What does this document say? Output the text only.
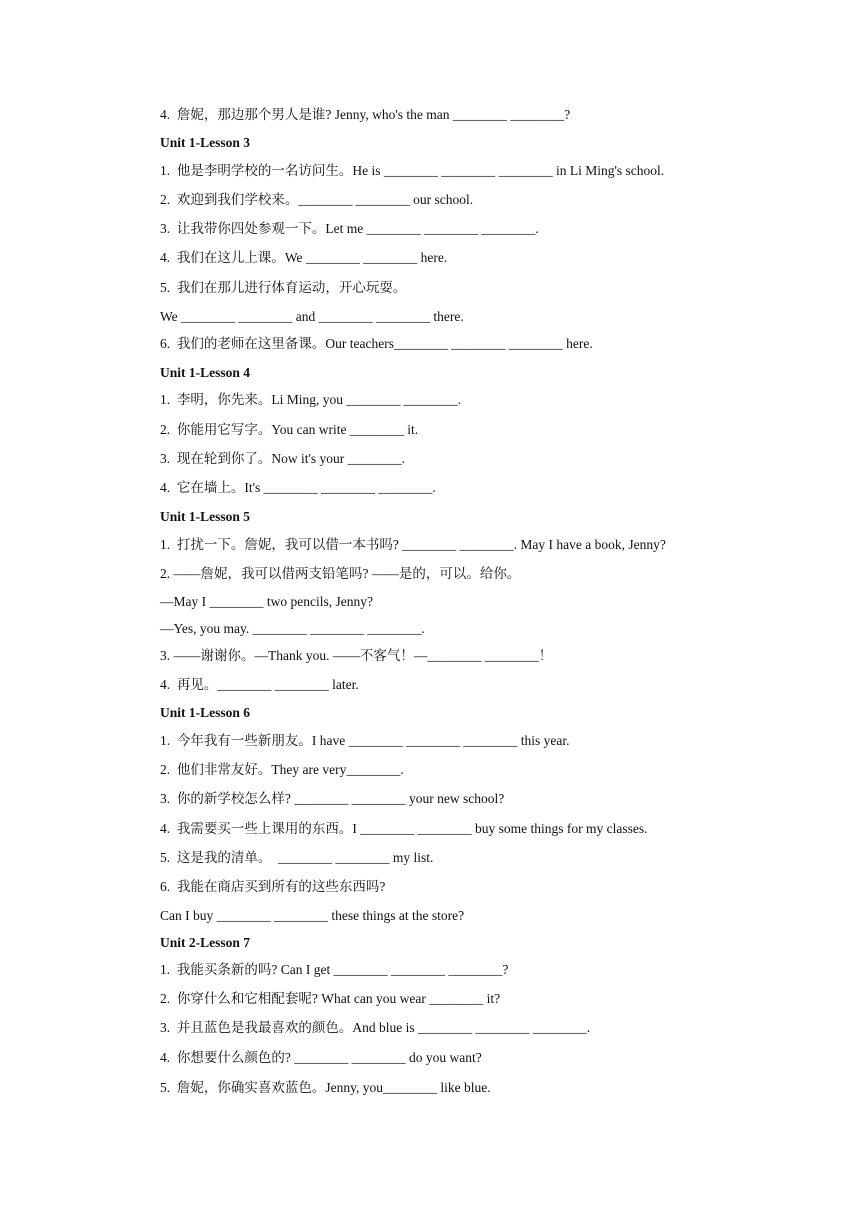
4.  詹妮，那边那个男人是谁? Jenny, who's the man ________ ________?

Unit 1-Lesson 3

1.  他是李明学校的一名访问生。He is ________ ________ ________ in Li Ming's school.

2.  欢迎到我们学校来。________ ________ our school.

3.  让我带你四处参观一下。Let me ________ ________ ________.

4.  我们在这儿上课。We ________ ________ here.

5.  我们在那儿进行体育运动，开心玩耍。

We ________ ________ and ________ ________ there.

6.  我们的老师在这里备课。Our teachers________ ________ ________ here.

Unit 1-Lesson 4

1.  李明，你先来。Li Ming, you ________ ________.

2.  你能用它写字。You can write ________ it.

3.  现在轮到你了。Now it's your ________.

4.  它在墙上。It's ________ ________ ________.

Unit 1-Lesson 5

1.  打扰一下。詹妮，我可以借一本书吗? ________ ________. May I have a book, Jenny?

2. ——詹妮，我可以借两支铅笔吗? ——是的，可以。给你。

—May I ________ two pencils, Jenny?

—Yes, you may. ________ ________ ________.

3. ——谢谢你。—Thank you. ——不客气！—________ ________！

4.  再见。________ ________ later.

Unit 1-Lesson 6

1.  今年我有一些新朋友。I have ________ ________ ________ this year.

2.  他们非常友好。They are very________.

3.  你的新学校怎么样? ________ ________ your new school?

4.  我需要买一些上课用的东西。I ________ ________ buy some things for my classes.

5.  这是我的清单。  ________ ________ my list.

6.  我能在商店买到所有的这些东西吗?

Can I buy ________ ________ these things at the store?

Unit 2-Lesson 7

1.  我能买条新的吗? Can I get ________ ________ ________?

2.  你穿什么和它相配套呢? What can you wear ________ it?

3.  并且蓝色是我最喜欢的颜色。And blue is ________ ________ ________.

4.  你想要什么颜色的? ________ ________ do you want?

5.  詹妮，你确实喜欢蓝色。Jenny, you________ like blue.
